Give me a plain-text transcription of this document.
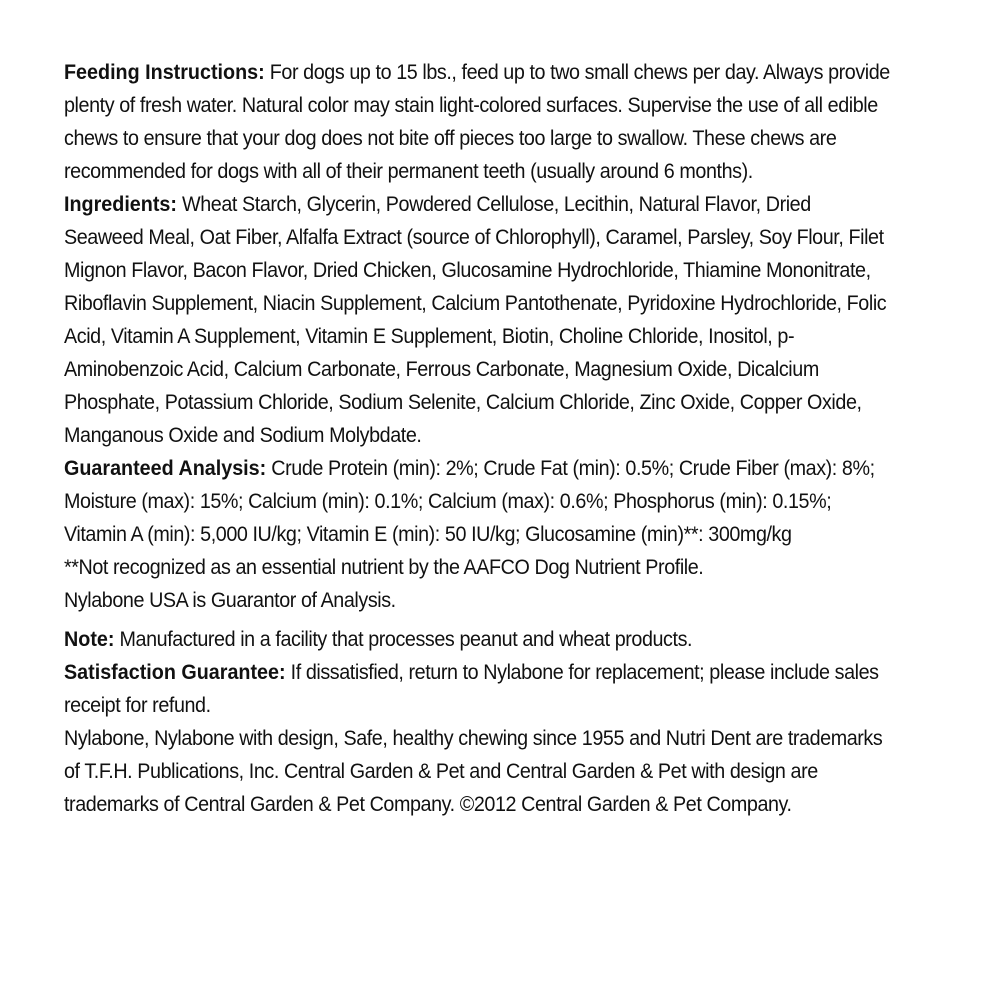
Feeding Instructions: For dogs up to 15 lbs., feed up to two small chews per day. Always provide plenty of fresh water. Natural color may stain light-colored surfaces. Supervise the use of all edible chews to ensure that your dog does not bite off pieces too large to swallow. These chews are recommended for dogs with all of their permanent teeth (usually around 6 months).

Ingredients: Wheat Starch, Glycerin, Powdered Cellulose, Lecithin, Natural Flavor, Dried Seaweed Meal, Oat Fiber, Alfalfa Extract (source of Chlorophyll), Caramel, Parsley, Soy Flour, Filet Mignon Flavor, Bacon Flavor, Dried Chicken, Glucosamine Hydrochloride, Thiamine Mononitrate, Riboflavin Supplement, Niacin Supplement, Calcium Pantothenate, Pyridoxine Hydrochloride, Folic Acid, Vitamin A Supplement, Vitamin E Supplement, Biotin, Choline Chloride, Inositol, p-Aminobenzoic Acid, Calcium Carbonate, Ferrous Carbonate, Magnesium Oxide, Dicalcium Phosphate, Potassium Chloride, Sodium Selenite, Calcium Chloride, Zinc Oxide, Copper Oxide, Manganous Oxide and Sodium Molybdate.

Guaranteed Analysis: Crude Protein (min): 2%; Crude Fat (min): 0.5%; Crude Fiber (max): 8%; Moisture (max): 15%; Calcium (min): 0.1%; Calcium (max): 0.6%; Phosphorus (min): 0.15%; Vitamin A (min): 5,000 IU/kg; Vitamin E (min): 50 IU/kg; Glucosamine (min)**: 300mg/kg

**Not recognized as an essential nutrient by the AAFCO Dog Nutrient Profile.

Nylabone USA is Guarantor of Analysis.

Note: Manufactured in a facility that processes peanut and wheat products.

Satisfaction Guarantee: If dissatisfied, return to Nylabone for replacement; please include sales receipt for refund.

Nylabone, Nylabone with design, Safe, healthy chewing since 1955 and Nutri Dent are trademarks of T.F.H. Publications, Inc. Central Garden & Pet and Central Garden & Pet with design are trademarks of Central Garden & Pet Company. ©2012 Central Garden & Pet Company.
